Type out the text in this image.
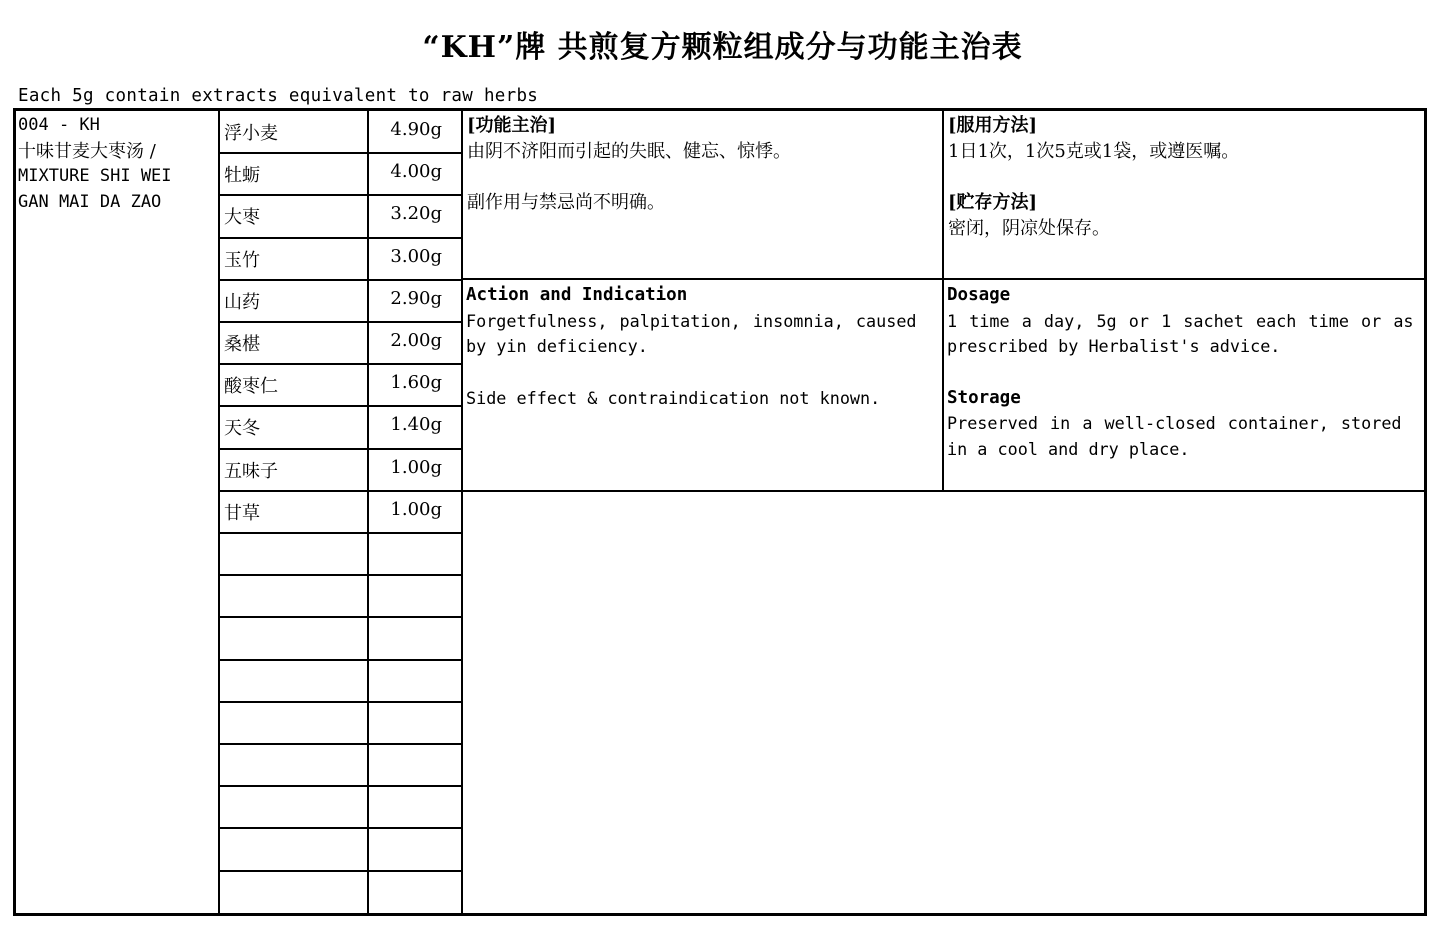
“KH”牌 共煎复方颗粒组成分与功能主治表
Each 5g contain extracts equivalent to raw herbs
004 - KH
十味甘麦大枣汤 /
MIXTURE SHI WEI
GAN MAI DA ZAO
浮小麦	4.90g
牡蛎	4.00g
大枣	3.20g
玉竹	3.00g
山药	2.90g
桑椹	2.00g
酸枣仁	1.60g
天冬	1.40g
五味子	1.00g
甘草	1.00g
[功能主治]
由阴不济阳而引起的失眠、健忘、惊悸。
副作用与禁忌尚不明确。
[服用方法]
1日1次，1次5克或1袋，或遵医嘱。
[贮存方法]
密闭，阴凉处保存。
Action and Indication
Forgetfulness, palpitation, insomnia, caused
by yin deficiency.
Side effect & contraindication not known.
Dosage
1 time a day, 5g or 1 sachet each time or as
prescribed by Herbalist's advice.
Storage
Preserved in a well-closed container, stored
in a cool and dry place.
